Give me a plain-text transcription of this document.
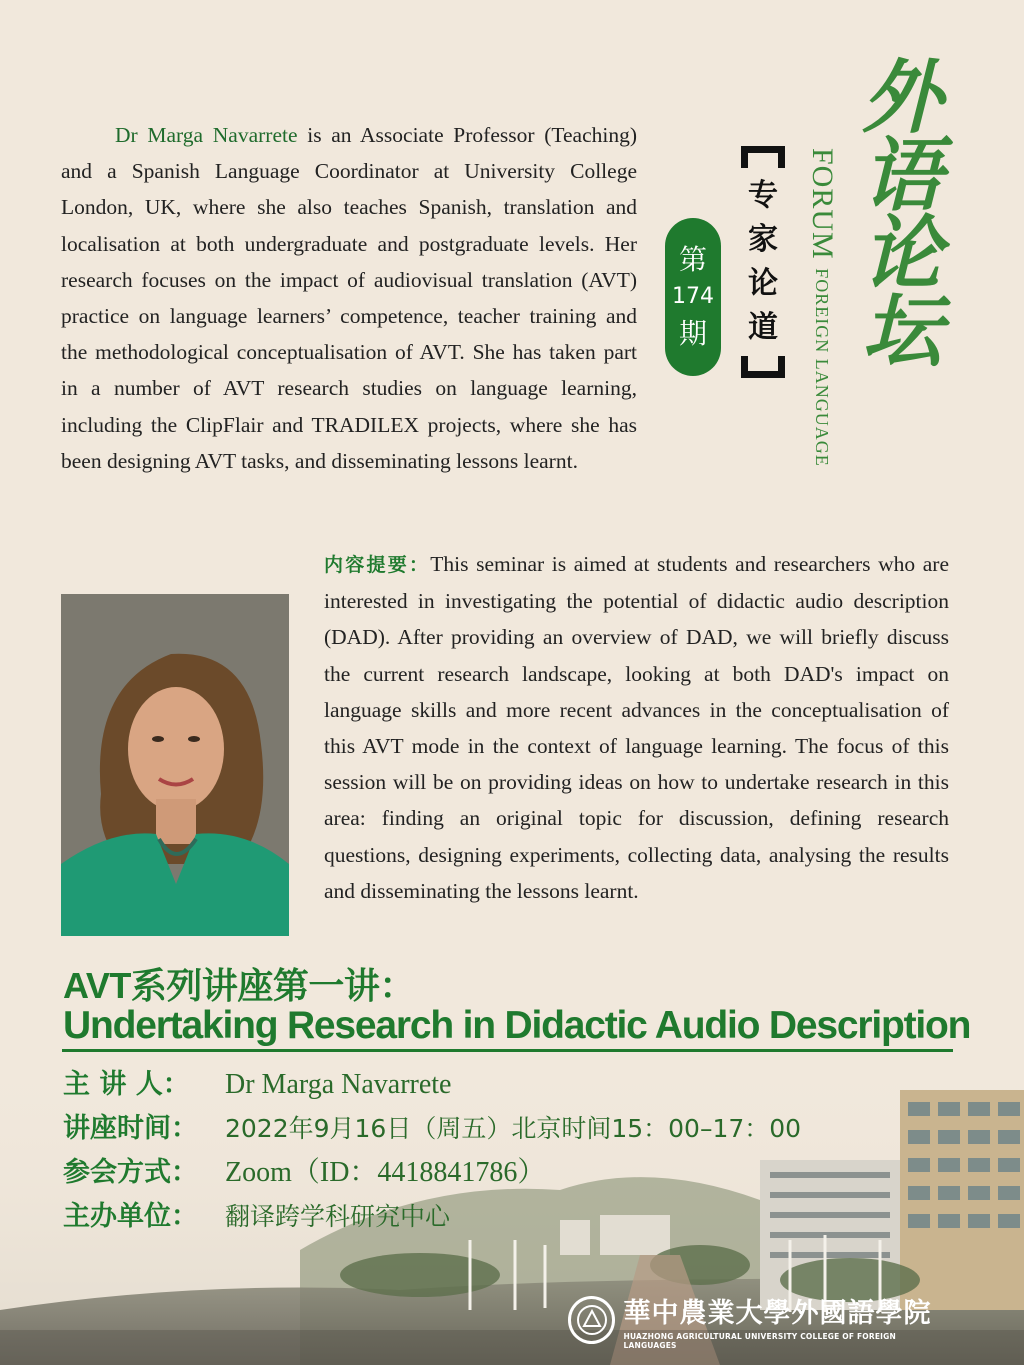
Dr Marga Navarrete is an Associate Professor (Teaching) and a Spanish Language Coordinator at University College London, UK, where she also teaches Spanish, translation and localisation at both undergraduate and postgraduate levels. Her research focuses on the impact of audiovisual translation (AVT) practice on language learners’ competence, teacher training and the methodological conceptualisation of AVT. She has taken part in a number of AVT research studies on language learning, including the ClipFlair and TRADILEX projects, where she has been designing AVT tasks, and disseminating lessons learnt.

外
语
论
坛
FORUM FOREIGN LANGUAGE
专
家
论
道
第
174
期

内容提要：This seminar is aimed at students and researchers who are interested in investigating the potential of didactic audio description (DAD). After providing an overview of DAD, we will briefly discuss the current research landscape, looking at both DAD's impact on language skills and more recent advances in the conceptualisation of this AVT mode in the context of language learning. The focus of this session will be on providing ideas on how to undertake research in this area: finding an original topic for discussion, defining research questions, designing experiments, collecting data, analysing the results and disseminating the lessons learnt.

AVT系列讲座第一讲：
Undertaking Research in Didactic Audio Description
主 讲 人：	Dr Marga Navarrete
讲座时间：	2022年9月16日（周五）北京时间15：00–17：00
参会方式： Zoom（ID：4418841786）
主办单位：	翻译跨学科研究中心
華中農業大學外國語學院
HUAZHONG AGRICULTURAL UNIVERSITY COLLEGE OF FOREIGN LANGUAGES
